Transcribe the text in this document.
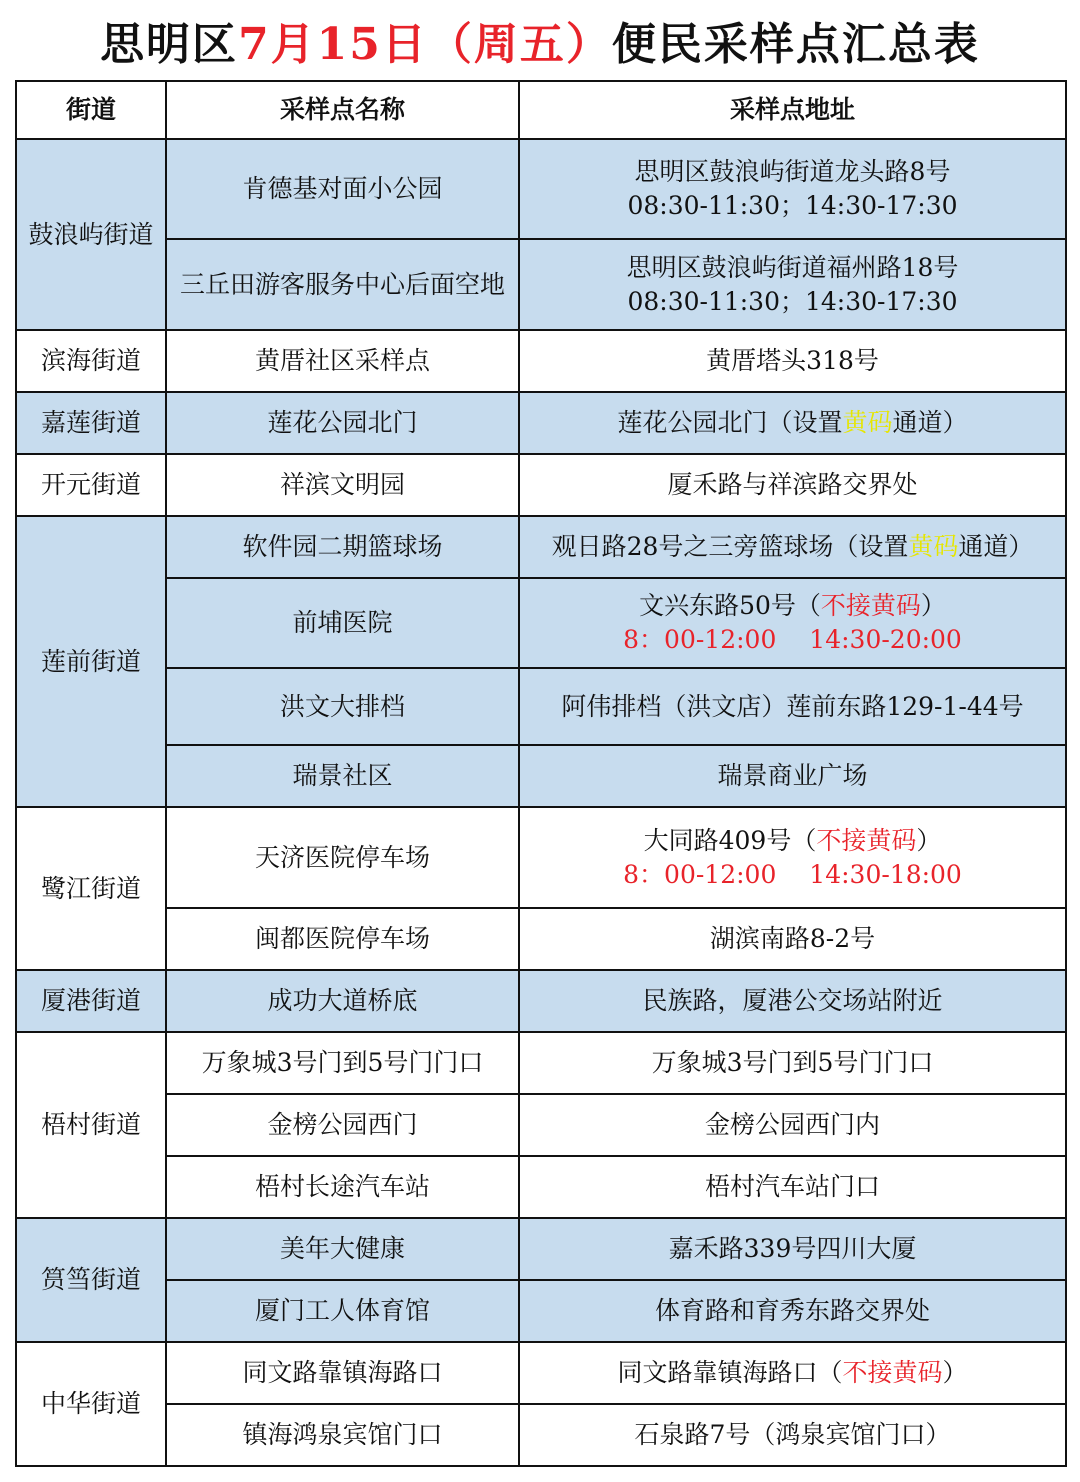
思明区7月15日（周五）便民采样点汇总表
街道	采样点名称	采样点地址
鼓浪屿街道	肯德基对面小公园	思明区鼓浪屿街道龙头路8号
08:30-11:30；14:30-17:30

	三丘田游客服务中心后面空地	思明区鼓浪屿街道福州路18号
08:30-11:30；14:30-17:30

滨海街道	黄厝社区采样点	黄厝塔头318号
嘉莲街道	莲花公园北门	莲花公园北门（设置黄码通道）
开元街道	祥滨文明园	厦禾路与祥滨路交界处
莲前街道	软件园二期篮球场	观日路28号之三旁篮球场（设置黄码通道）
	前埔医院	文兴东路50号（不接黄码）
8：00-12:00　 14:30-20:00

	洪文大排档	阿伟排档（洪文店）莲前东路129-1-44号
	瑞景社区	瑞景商业广场
鹭江街道	天济医院停车场	大同路409号（不接黄码）
8：00-12:00　 14:30-18:00

	闽都医院停车场	湖滨南路8-2号
厦港街道	成功大道桥底	民族路，厦港公交场站附近
梧村街道	万象城3号门到5号门门口	万象城3号门到5号门门口
	金榜公园西门	金榜公园西门内
	梧村长途汽车站	梧村汽车站门口
筼筜街道	美年大健康	嘉禾路339号四川大厦
	厦门工人体育馆	体育路和育秀东路交界处
中华街道	同文路靠镇海路口	同文路靠镇海路口（不接黄码）
	镇海鸿泉宾馆门口	石泉路7号（鸿泉宾馆门口）
